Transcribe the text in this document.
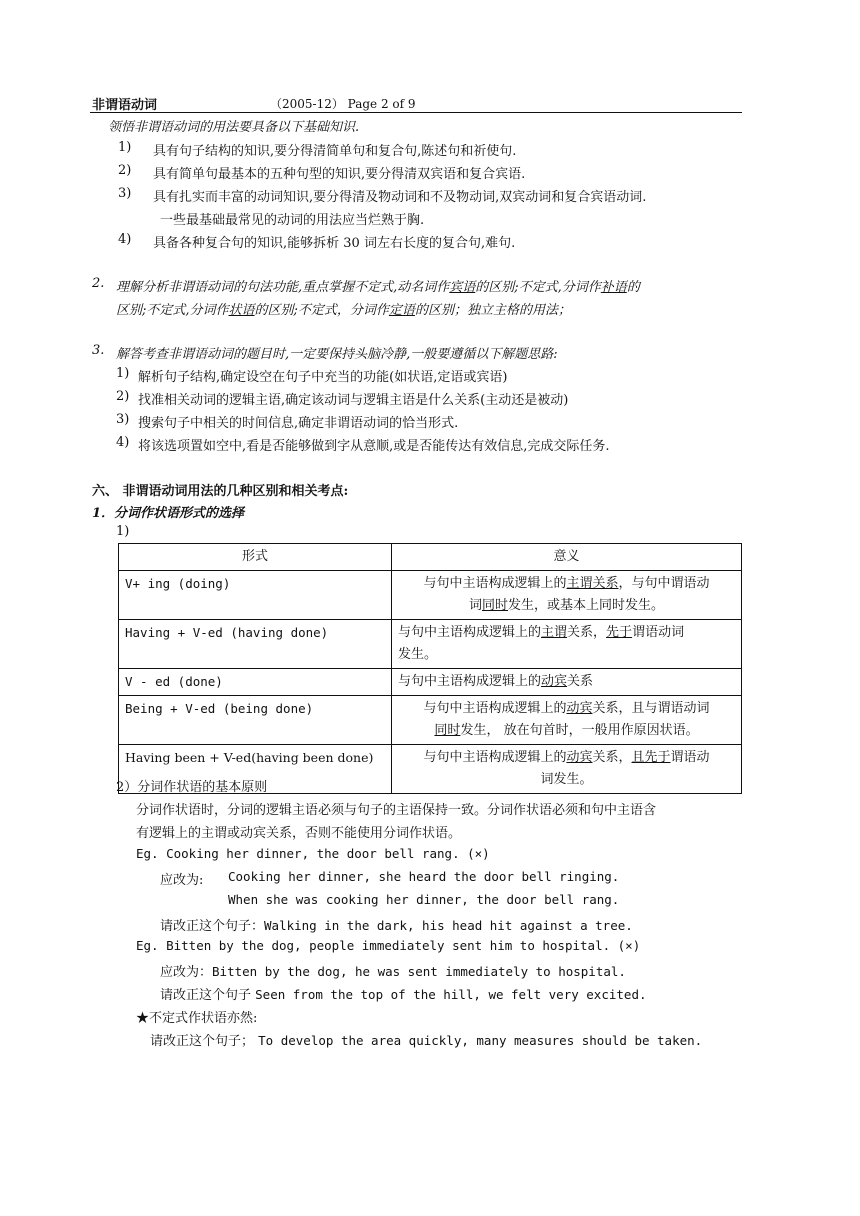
非谓语动词	（2005-12） Page 2 of 9
领悟非谓语动词的用法要具备以下基础知识.
1) 具有句子结构的知识,要分得清简单句和复合句,陈述句和祈使句.
2) 具有简单句最基本的五种句型的知识,要分得清双宾语和复合宾语.
3) 具有扎实而丰富的动词知识,要分得清及物动词和不及物动词,双宾动词和复合宾语动词.
一些最基础最常见的动词的用法应当烂熟于胸.
4) 具备各种复合句的知识,能够拆析 30 词左右长度的复合句,难句.
2. 理解分析非谓语动词的句法功能,重点掌握不定式,动名词作宾语的区别;不定式,分词作补语的
区别;不定式,分词作状语的区别;不定式，分词作定语的区别；独立主格的用法；
3. 解答考查非谓语动词的题目时,一定要保持头脑冷静,一般要遵循以下解题思路:
1) 解析句子结构,确定设空在句子中充当的功能(如状语,定语或宾语)
2) 找准相关动词的逻辑主语,确定该动词与逻辑主语是什么关系(主动还是被动)
3) 搜索句子中相关的时间信息,确定非谓语动词的恰当形式.
4) 将该选项置如空中,看是否能够做到字从意顺,或是否能传达有效信息,完成交际任务.
六、 非谓语动词用法的几种区别和相关考点:
1．分词作状语形式的选择
1)
形式	意义
V+ ing (doing)	与句中主语构成逻辑上的主谓关系，与句中谓语动
词同时发生，或基本上同时发生。
Having + V-ed (having done)	与句中主语构成逻辑上的主谓关系，先于谓语动词
发生。
V - ed (done)	与句中主语构成逻辑上的动宾关系
Being + V-ed (being done)	与句中主语构成逻辑上的动宾关系，且与谓语动词
同时发生， 放在句首时，一般用作原因状语。
Having been + V-ed(having been done)	与句中主语构成逻辑上的动宾关系，且先于谓语动
词发生。
2）分词作状语的基本原则
分词作状语时，分词的逻辑主语必须与句子的主语保持一致。分词作状语必须和句中主语含
有逻辑上的主谓或动宾关系，否则不能使用分词作状语。
Eg. Cooking her dinner, the door bell rang. (×)
应改为: Cooking her dinner, she heard the door bell ringing.
When she was cooking her dinner, the door bell rang.
请改正这个句子：Walking in the dark, his head hit against a tree.
Eg. Bitten by the dog, people immediately sent him to hospital. (×)
应改为：Bitten by the dog, he was sent immediately to hospital.
请改正这个句子 Seen from the top of the hill, we felt very excited.
★不定式作状语亦然:
请改正这个句子； To develop the area quickly, many measures should be taken.
